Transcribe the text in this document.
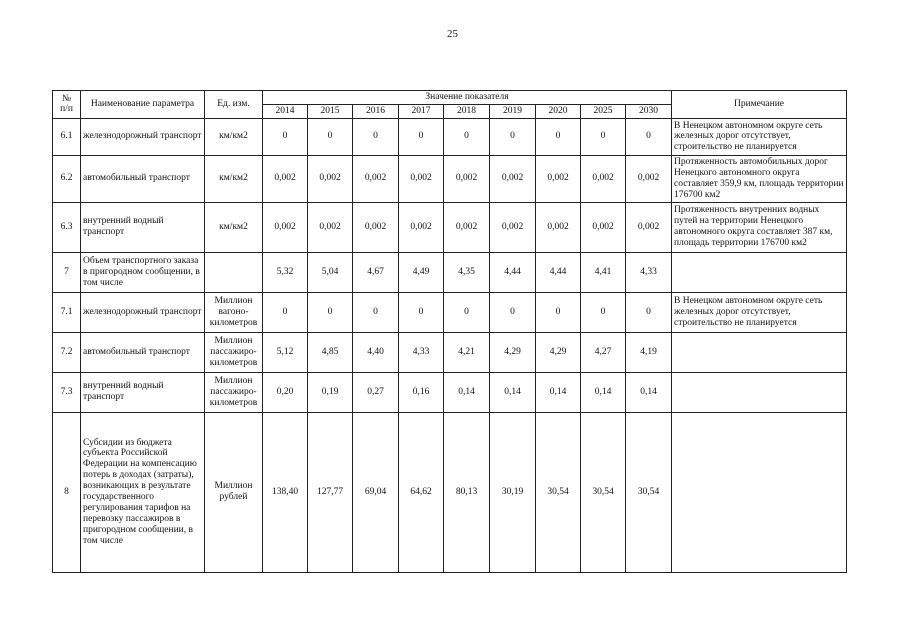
25
№
п/п	Наименование параметра	Ед. изм.	Значение показателя									Примечание
			2014	2015	2016	2017	2018	2019	2020	2025	2030	
6.1	железнодорожный транспорт	км/км2	0	0	0	0	0	0	0	0	0	В Ненецком автономном округе сеть железных дорог отсутствует, строительство не планируется
6.2	автомобильный транспорт	км/км2	0,002	0,002	0,002	0,002	0,002	0,002	0,002	0,002	0,002	Протяженность автомобильных дорог Ненецкого автономного округа составляет 359,9 км, площадь территории 176700 км2
6.3	внутренний водный транспорт	км/км2	0,002	0,002	0,002	0,002	0,002	0,002	0,002	0,002	0,002	Протяженность внутренних водных путей на территории Ненецкого автономного округа составляет 387 км, площадь территории 176700 км2
7	Объем транспортного заказа в пригородном сообщении, в том числе		5,32	5,04	4,67	4,49	4,35	4,44	4,44	4,41	4,33	
7.1	железнодорожный транспорт	Миллион вагоно-километров	0	0	0	0	0	0	0	0	0	В Ненецком автономном округе сеть железных дорог отсутствует, строительство не планируется
7.2	автомобильный транспорт	Миллион пассажиро-километров	5,12	4,85	4,40	4,33	4,21	4,29	4,29	4,27	4,19	
7.3	внутренний водный транспорт	Миллион пассажиро-километров	0,20	0,19	0,27	0,16	0,14	0,14	0,14	0,14	0,14	
8	Субсидии из бюджета субъекта Российской Федерации на компенсацию потерь в доходах (затраты), возникающих в результате государственного регулирования тарифов на перевозку пассажиров в пригородном сообщении, в том числе	Миллион рублей	138,40	127,77	69,04	64,62	80,13	30,19	30,54	30,54	30,54	
